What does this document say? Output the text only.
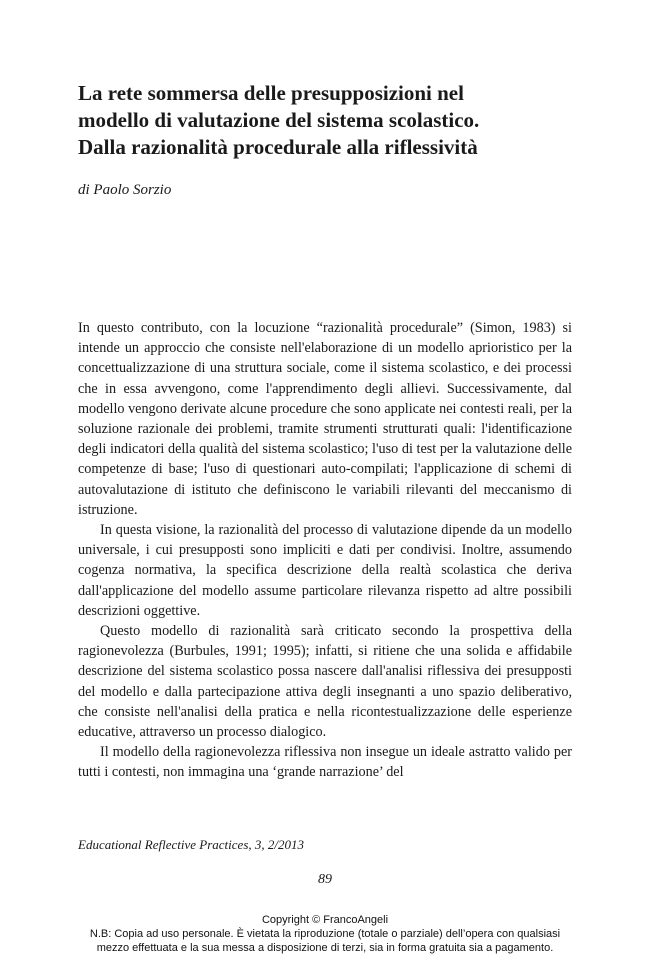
La rete sommersa delle presupposizioni nel
modello di valutazione del sistema scolastico.
Dalla razionalità procedurale alla riflessività
di Paolo Sorzio

In questo contributo, con la locuzione “razionalità procedurale” (Simon, 1983) si intende un approccio che consiste nell'elaborazione di un modello aprioristico per la concettualizzazione di una struttura sociale, come il sistema scolastico, e dei processi che in essa avvengono, come l'apprendimento degli allievi. Successivamente, dal modello vengono derivate alcune procedure che sono applicate nei contesti reali, per la soluzione razionale dei problemi, tramite strumenti strutturati quali: l'identificazione degli indicatori della qualità del sistema scolastico; l'uso di test per la valutazione delle competenze di base; l'uso di questionari auto-compilati; l'applicazione di schemi di autovalutazione di istituto che definiscono le variabili rilevanti del meccanismo di istruzione.

In questa visione, la razionalità del processo di valutazione dipende da un modello universale, i cui presupposti sono impliciti e dati per condivisi. Inoltre, assumendo cogenza normativa, la specifica descrizione della realtà scolastica che deriva dall'applicazione del modello assume particolare rilevanza rispetto ad altre possibili descrizioni oggettive.

Questo modello di razionalità sarà criticato secondo la prospettiva della ragionevolezza (Burbules, 1991; 1995); infatti, si ritiene che una solida e affidabile descrizione del sistema scolastico possa nascere dall'analisi riflessiva dei presupposti del modello e dalla partecipazione attiva degli insegnanti a uno spazio deliberativo, che consiste nell'analisi della pratica e nella ricontestualizzazione delle esperienze educative, attraverso un processo dialogico.

Il modello della ragionevolezza riflessiva non insegue un ideale astratto valido per tutti i contesti, non immagina una ‘grande narrazione’ del

Educational Reflective Practices, 3, 2/2013
89
Copyright © FrancoAngeli
N.B: Copia ad uso personale. È vietata la riproduzione (totale o parziale) dell’opera con qualsiasi
mezzo effettuata e la sua messa a disposizione di terzi, sia in forma gratuita sia a pagamento.
